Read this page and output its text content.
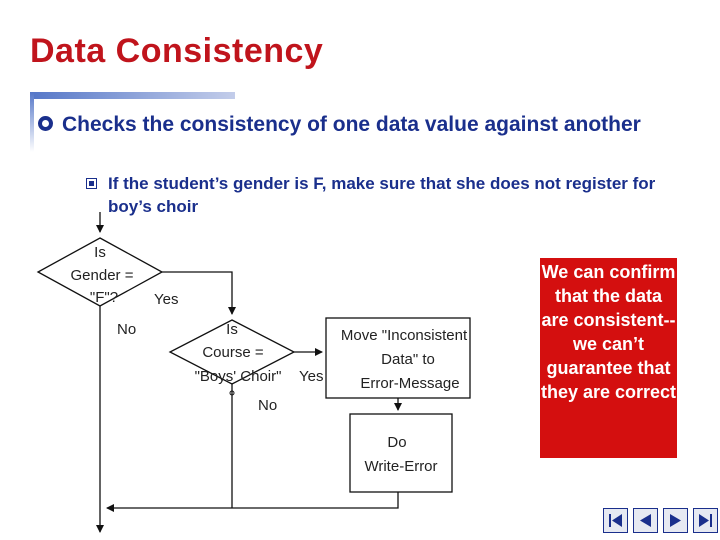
Data Consistency
Checks the consistency of one data value against another
If the student’s gender is F, make sure that she does not register for boy’s choir
Is
Gender =
"F"? Yes
No	Is
Course =
"Boys' Choir" Yes
No
Move "Inconsistent
Data" to
Error-Message
Do
Write-Error
We can confirm that the data are consistent--we can’t guarantee that they are correct
